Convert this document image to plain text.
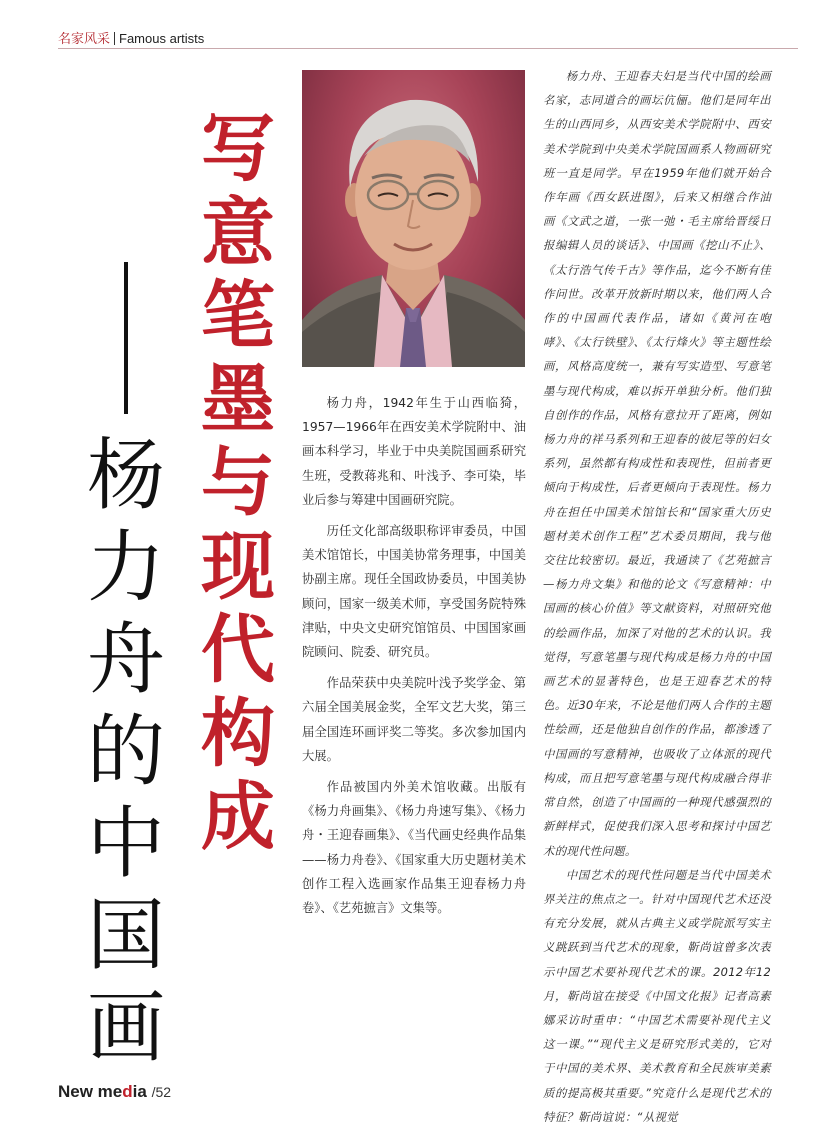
名家风采 Famous artists
写
意
笔
墨
与
现
代
构
成
杨
力
舟
的
中
国
画

杨力舟，1942年生于山西临猗，1957—1966年在西安美术学院附中、油画本科学习，毕业于中央美院国画系研究生班，受教蒋兆和、叶浅予、李可染，毕业后参与筹建中国画研究院。

历任文化部高级职称评审委员，中国美术馆馆长，中国美协常务理事，中国美协副主席。现任全国政协委员，中国美协顾问，国家一级美术师，享受国务院特殊津贴，中央文史研究馆馆员、中国国家画院顾问、院委、研究员。

作品荣获中央美院叶浅予奖学金、第六届全国美展金奖，全军文艺大奖，第三届全国连环画评奖二等奖。多次参加国内大展。

作品被国内外美术馆收藏。出版有《杨力舟画集》、《杨力舟速写集》、《杨力舟・王迎春画集》、《当代画史经典作品集——杨力舟卷》、《国家重大历史题材美术创作工程入选画家作品集王迎春杨力舟卷》、《艺苑摭言》文集等。

杨力舟、王迎春夫妇是当代中国的绘画名家，志同道合的画坛伉俪。他们是同年出生的山西同乡，从西安美术学院附中、西安美术学院到中央美术学院国画系人物画研究班一直是同学。早在1959年他们就开始合作年画《西女跃进图》，后来又相继合作油画《文武之道，一张一弛・毛主席给晋绥日报编辑人员的谈话》、中国画《挖山不止》、《太行浩气传千古》等作品，迄今不断有佳作问世。改革开放新时期以来，他们两人合作的中国画代表作品，诸如《黄河在咆哮》、《太行铁壁》、《太行烽火》等主题性绘画，风格高度统一，兼有写实造型、写意笔墨与现代构成，难以拆开单独分析。他们独自创作的作品，风格有意拉开了距离，例如杨力舟的祥马系列和王迎春的彼尼等的妇女系列，虽然都有构成性和表现性，但前者更倾向于构成性，后者更倾向于表现性。杨力舟在担任中国美术馆馆长和“国家重大历史题材美术创作工程”艺术委员期间，我与他交往比较密切。最近，我通读了《艺苑摭言—杨力舟文集》和他的论文《写意精神：中国画的核心价值》等文献资料，对照研究他的绘画作品，加深了对他的艺术的认识。我觉得，写意笔墨与现代构成是杨力舟的中国画艺术的显著特色，也是王迎春艺术的特色。近30年来，不论是他们两人合作的主题性绘画，还是他独自创作的作品，都渗透了中国画的写意精神，也吸收了立体派的现代构成，而且把写意笔墨与现代构成融合得非常自然，创造了中国画的一种现代感强烈的新鲜样式，促使我们深入思考和探讨中国艺术的现代性问题。

中国艺术的现代性问题是当代中国美术界关注的焦点之一。针对中国现代艺术还没有充分发展，就从古典主义或学院派写实主义跳跃到当代艺术的现象，靳尚谊曾多次表示中国艺术要补现代艺术的课。2012年12月，靳尚谊在接受《中国文化报》记者高素娜采访时重申：“中国艺术需要补现代主义这一课。”“现代主义是研究形式美的，它对于中国的美术界、美术教育和全民族审美素质的提高极其重要。”究竟什么是现代艺术的特征？靳尚谊说：“从视觉

New media /52
